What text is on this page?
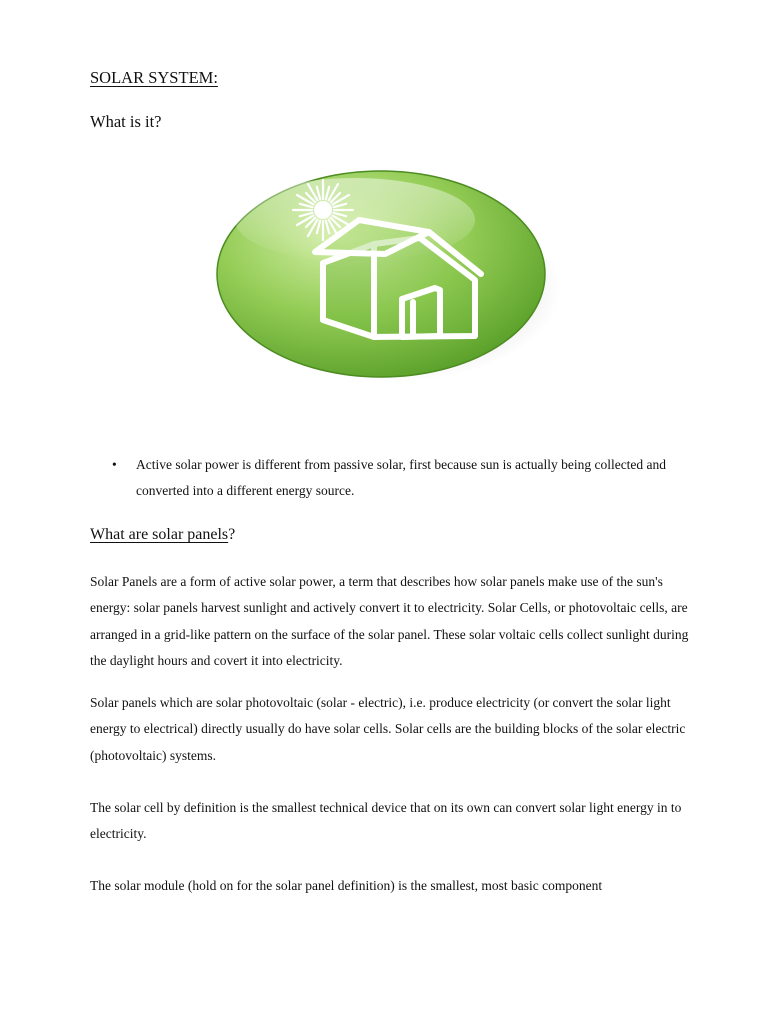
SOLAR SYSTEM:
What is it?
• Active solar power is different from passive solar, first because sun is actually being collected and converted into a different energy source.
What are solar panels?

Solar Panels are a form of active solar power, a term that describes how solar panels make use of the sun's energy: solar panels harvest sunlight and actively convert it to electricity. Solar Cells, or photovoltaic cells, are arranged in a grid-like pattern on the surface of the solar panel. These solar voltaic cells collect sunlight during the daylight hours and covert it into electricity.

Solar panels which are solar photovoltaic (solar - electric), i.e. produce electricity (or convert the solar light energy to electrical) directly usually do have solar cells. Solar cells are the building blocks of the solar electric (photovoltaic) systems.

The solar cell by definition is the smallest technical device that on its own can convert solar light energy in to electricity.

The solar module (hold on for the solar panel definition) is the smallest, most basic component
